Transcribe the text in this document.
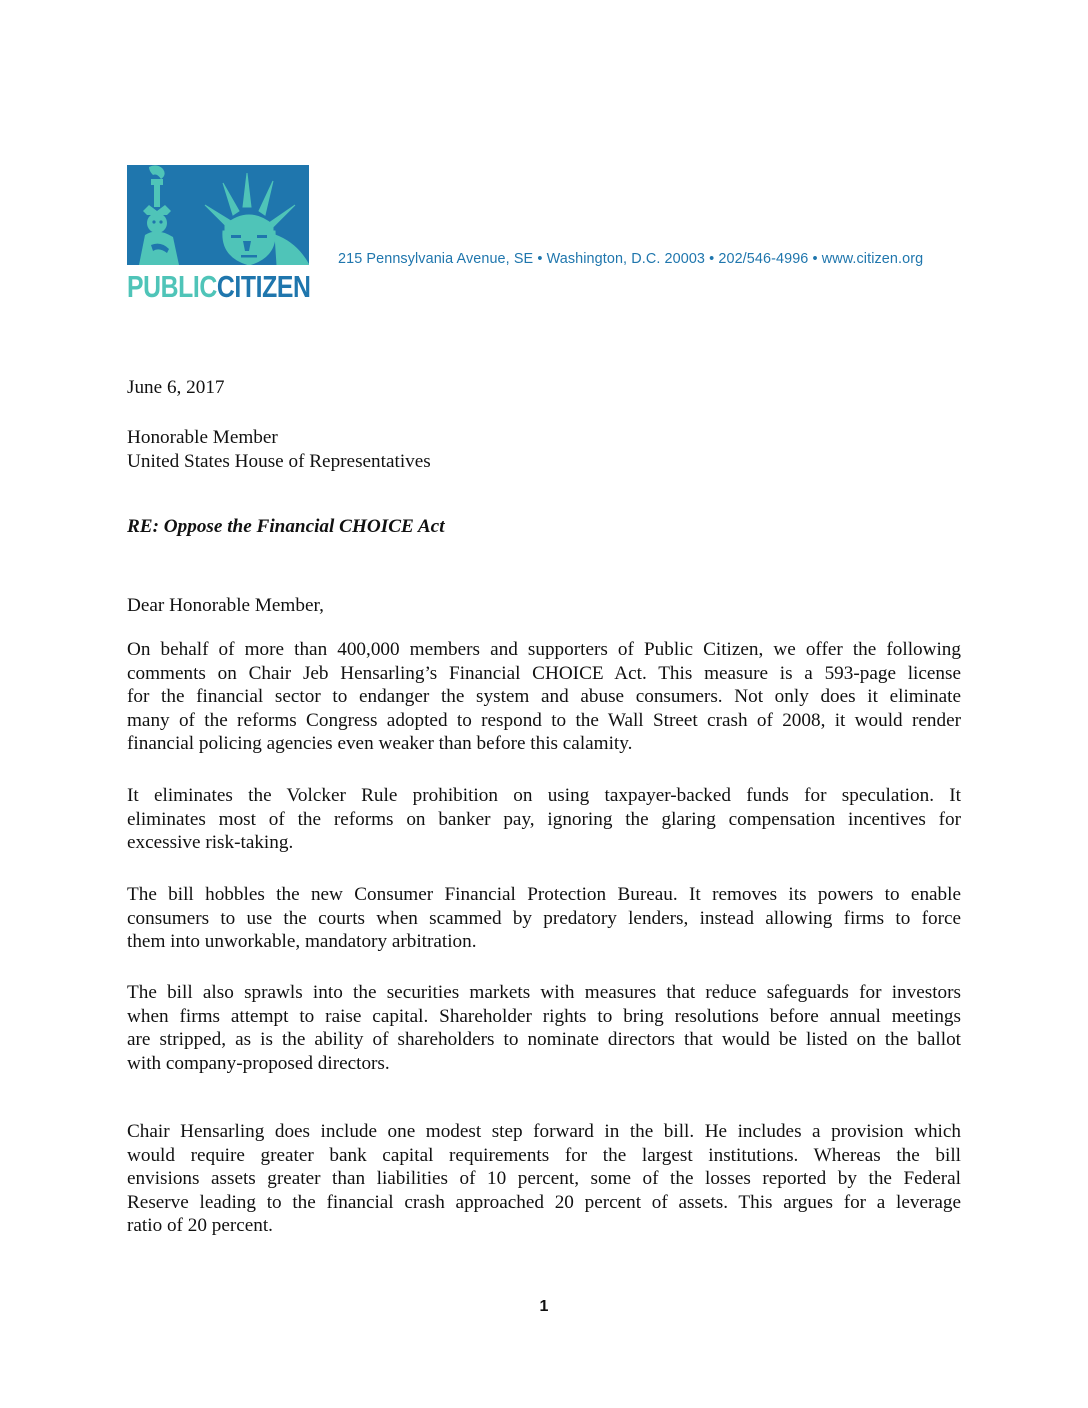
PUBLICCITIZEN
215 Pennsylvania Avenue, SE • Washington, D.C. 20003 • 202/546-4996 • www.citizen.org
June 6, 2017
Honorable Member
United States House of Representatives
RE: Oppose the Financial CHOICE Act
Dear Honorable Member,
On behalf of more than 400,000 members and supporters of Public Citizen, we offer the following
comments on Chair Jeb Hensarling’s Financial CHOICE Act. This measure is a 593-page license
for the financial sector to endanger the system and abuse consumers. Not only does it eliminate
many of the reforms Congress adopted to respond to the Wall Street crash of 2008, it would render
financial policing agencies even weaker than before this calamity.
It eliminates the Volcker Rule prohibition on using taxpayer-backed funds for speculation. It
eliminates most of the reforms on banker pay, ignoring the glaring compensation incentives for
excessive risk-taking.
The bill hobbles the new Consumer Financial Protection Bureau. It removes its powers to enable
consumers to use the courts when scammed by predatory lenders, instead allowing firms to force
them into unworkable, mandatory arbitration.
The bill also sprawls into the securities markets with measures that reduce safeguards for investors
when firms attempt to raise capital. Shareholder rights to bring resolutions before annual meetings
are stripped, as is the ability of shareholders to nominate directors that would be listed on the ballot
with company-proposed directors.
Chair Hensarling does include one modest step forward in the bill. He includes a provision which
would require greater bank capital requirements for the largest institutions. Whereas the bill
envisions assets greater than liabilities of 10 percent, some of the losses reported by the Federal
Reserve leading to the financial crash approached 20 percent of assets. This argues for a leverage
ratio of 20 percent.
1
